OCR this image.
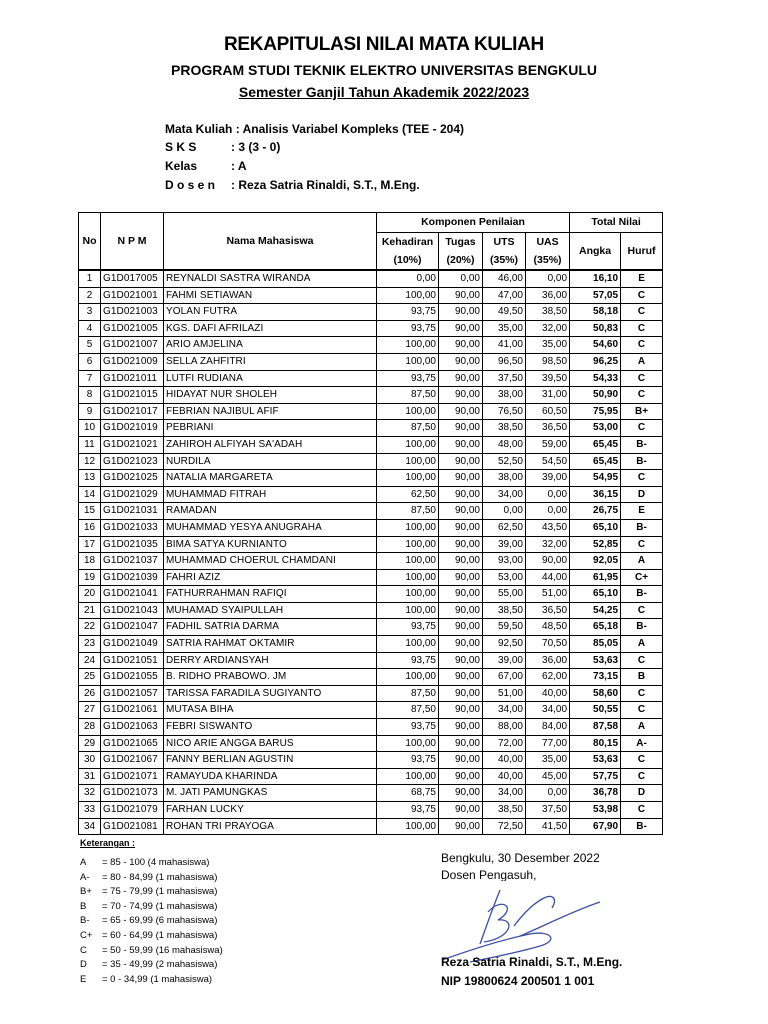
REKAPITULASI NILAI MATA KULIAH
PROGRAM STUDI TEKNIK ELEKTRO UNIVERSITAS BENGKULU
Semester Ganjil Tahun Akademik 2022/2023
Mata Kuliah : Analisis Variabel Kompleks (TEE - 204)
S K S	: 3 (3 - 0)
Kelas	: A
D o s e n : Reza Satria Rinaldi, S.T., M.Eng.
No	N P M	Nama Mahasiswa	Komponen Penilaian				Total Nilai	
			Kehadiran	Tugas	UTS	UAS	Angka	Huruf
			(10%)	(20%)	(35%)	(35%)		
1	G1D017005	REYNALDI SASTRA WIRANDA	0,00	0,00	46,00	0,00	16,10	E
2	G1D021001	FAHMI SETIAWAN	100,00	90,00	47,00	36,00	57,05	C
3	G1D021003	YOLAN FUTRA	93,75	90,00	49,50	38,50	58,18	C
4	G1D021005	KGS. DAFI AFRILAZI	93,75	90,00	35,00	32,00	50,83	C
5	G1D021007	ARIO AMJELINA	100,00	90,00	41,00	35,00	54,60	C
6	G1D021009	SELLA ZAHFITRI	100,00	90,00	96,50	98,50	96,25	A
7	G1D021011	LUTFI RUDIANA	93,75	90,00	37,50	39,50	54,33	C
8	G1D021015	HIDAYAT NUR SHOLEH	87,50	90,00	38,00	31,00	50,90	C
9	G1D021017	FEBRIAN NAJIBUL AFIF	100,00	90,00	76,50	60,50	75,95	B+
10	G1D021019	PEBRIANI	87,50	90,00	38,50	36,50	53,00	C
11	G1D021021	ZAHIROH ALFIYAH SA'ADAH	100,00	90,00	48,00	59,00	65,45	B-
12	G1D021023	NURDILA	100,00	90,00	52,50	54,50	65,45	B-
13	G1D021025	NATALIA MARGARETA	100,00	90,00	38,00	39,00	54,95	C
14	G1D021029	MUHAMMAD FITRAH	62,50	90,00	34,00	0,00	36,15	D
15	G1D021031	RAMADAN	87,50	90,00	0,00	0,00	26,75	E
16	G1D021033	MUHAMMAD YESYA ANUGRAHA	100,00	90,00	62,50	43,50	65,10	B-
17	G1D021035	BIMA SATYA KURNIANTO	100,00	90,00	39,00	32,00	52,85	C
18	G1D021037	MUHAMMAD CHOERUL CHAMDANI	100,00	90,00	93,00	90,00	92,05	A
19	G1D021039	FAHRI AZIZ	100,00	90,00	53,00	44,00	61,95	C+
20	G1D021041	FATHURRAHMAN RAFIQI	100,00	90,00	55,00	51,00	65,10	B-
21	G1D021043	MUHAMAD SYAIPULLAH	100,00	90,00	38,50	36,50	54,25	C
22	G1D021047	FADHIL SATRIA DARMA	93,75	90,00	59,50	48,50	65,18	B-
23	G1D021049	SATRIA RAHMAT OKTAMIR	100,00	90,00	92,50	70,50	85,05	A
24	G1D021051	DERRY ARDIANSYAH	93,75	90,00	39,00	36,00	53,63	C
25	G1D021055	B. RIDHO PRABOWO. JM	100,00	90,00	67,00	62,00	73,15	B
26	G1D021057	TARISSA FARADILA SUGIYANTO	87,50	90,00	51,00	40,00	58,60	C
27	G1D021061	MUTASA BIHA	87,50	90,00	34,00	34,00	50,55	C
28	G1D021063	FEBRI SISWANTO	93,75	90,00	88,00	84,00	87,58	A
29	G1D021065	NICO ARIE ANGGA BARUS	100,00	90,00	72,00	77,00	80,15	A-
30	G1D021067	FANNY BERLIAN AGUSTIN	93,75	90,00	40,00	35,00	53,63	C
31	G1D021071	RAMAYUDA KHARINDA	100,00	90,00	40,00	45,00	57,75	C
32	G1D021073	M. JATI PAMUNGKAS	68,75	90,00	34,00	0,00	36,78	D
33	G1D021079	FARHAN LUCKY	93,75	90,00	38,50	37,50	53,98	C
34	G1D021081	ROHAN TRI PRAYOGA	100,00	90,00	72,50	41,50	67,90	B-
Keterangan :
A = 85 - 100 (4 mahasiswa)
A- = 80 - 84,99 (1 mahasiswa)
B+ = 75 - 79,99 (1 mahasiswa)
B = 70 - 74,99 (1 mahasiswa)
B- = 65 - 69,99 (6 mahasiswa)
C+ = 60 - 64,99 (1 mahasiswa)
C = 50 - 59,99 (16 mahasiswa)
D = 35 - 49,99 (2 mahasiswa)
E = 0 - 34,99 (1 mahasiswa)
Bengkulu, 30 Desember 2022
Dosen Pengasuh,
Reza Satria Rinaldi, S.T., M.Eng.
NIP 19800624 200501 1 001
